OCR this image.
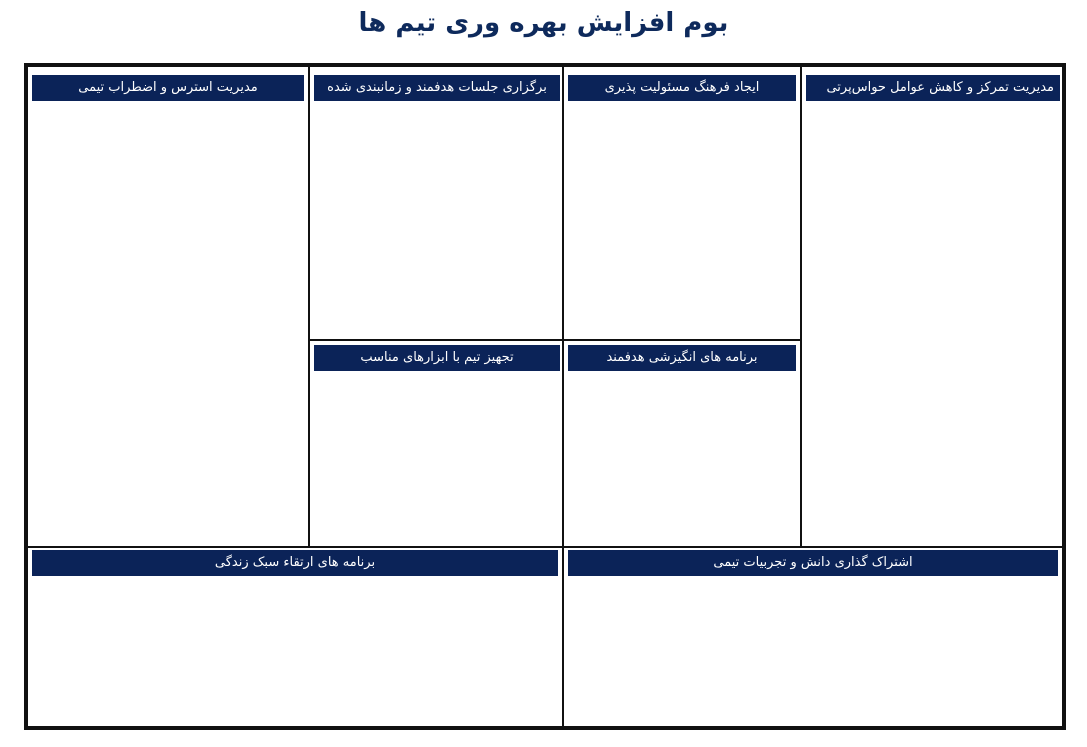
بوم افزایش بهره وری تیم ها
مدیریت تمرکز و کاهش عوامل حواس‌پرتی
ایجاد فرهنگ مسئولیت پذیری
برنامه های انگیزشی هدفمند
برگزاری جلسات هدفمند و زمانبندی شده
تجهیز تیم با ابزارهای مناسب
مدیریت استرس و اضطراب تیمی
اشتراک گذاری دانش و تجربیات تیمی
برنامه های ارتقاء سبک زندگی
